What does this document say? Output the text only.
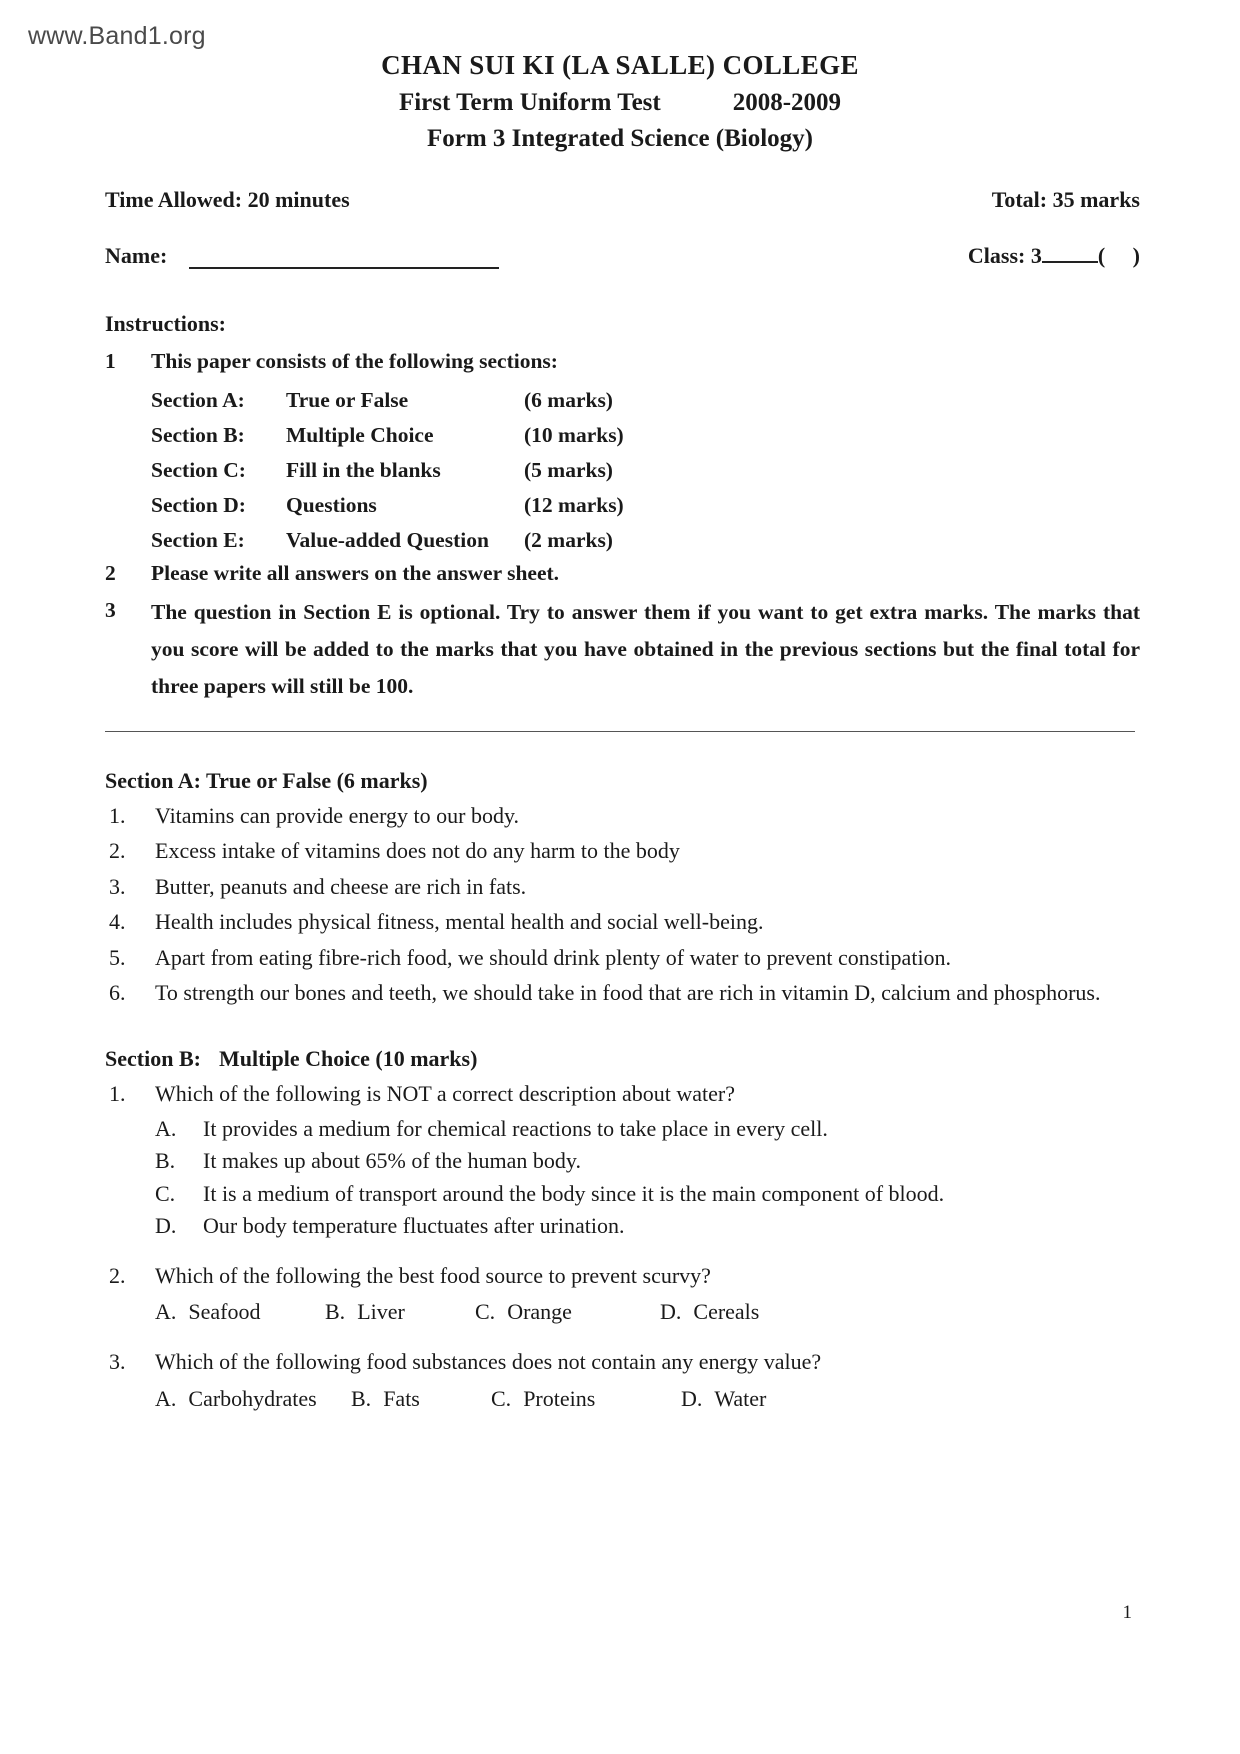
www.Band1.org
CHAN SUI KI (LA SALLE) COLLEGE
First Term Uniform Test	2008-2009
Form 3 Integrated Science (Biology)
Time Allowed: 20 minutes	Total: 35 marks
Name:	Class: 3	(     )
Instructions:
1	This paper consists of the following sections:
Section A:	True or False	(6 marks)
Section B:	Multiple Choice	(10 marks)
Section C:	Fill in the blanks	(5 marks)
Section D:	Questions	(12 marks)
Section E:	Value-added Question	(2 marks)
2	Please write all answers on the answer sheet.
3	The question in Section E is optional. Try to answer them if you want to get extra marks. The marks that you score will be added to the marks that you have obtained in the previous sections but the final total for three papers will still be 100.
Section A: True or False (6 marks)
1.	Vitamins can provide energy to our body.
2.	Excess intake of vitamins does not do any harm to the body
3.	Butter, peanuts and cheese are rich in fats.
4.	Health includes physical fitness, mental health and social well-being.
5.	Apart from eating fibre-rich food, we should drink plenty of water to prevent constipation.
6.	To strength our bones and teeth, we should take in food that are rich in vitamin D, calcium and phosphorus.
Section B: Multiple Choice (10 marks)
1.	Which of the following is NOT a correct description about water?
A.	It provides a medium for chemical reactions to take place in every cell.
B.	It makes up about 65% of the human body.
C.	It is a medium of transport around the body since it is the main component of blood.
D.	Our body temperature fluctuates after urination.
2.	Which of the following the best food source to prevent scurvy?
A. Seafood	B. Liver	C. Orange	D. Cereals
3.	Which of the following food substances does not contain any energy value?
A. Carbohydrates B. Fats	C. Proteins	D. Water
1
